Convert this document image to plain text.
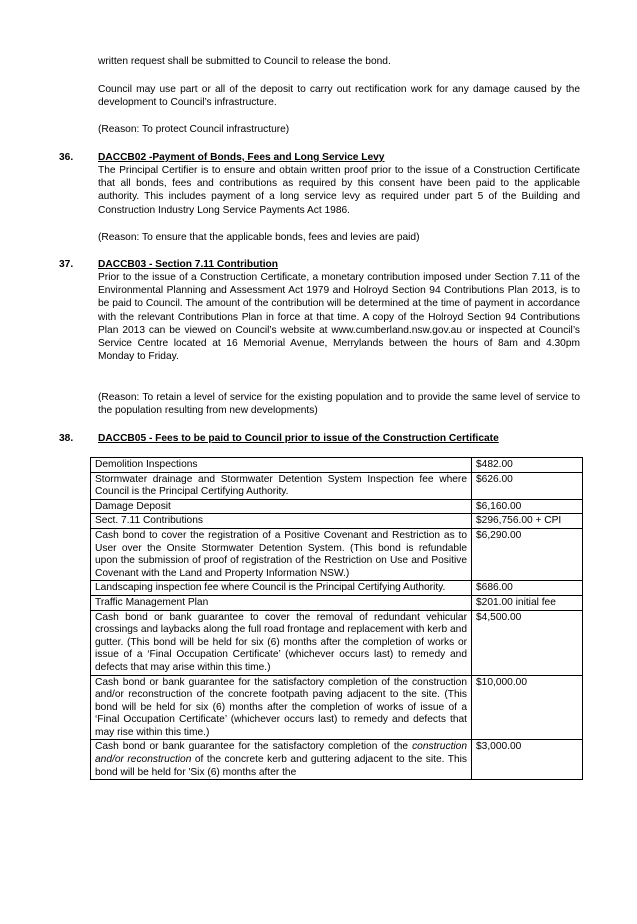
written request shall be submitted to Council to release the bond.

Council may use part or all of the deposit to carry out rectification work for any damage caused by the development to Council’s infrastructure.

(Reason: To protect Council infrastructure)

36. DACCB02 -Payment of Bonds, Fees and Long Service Levy

The Principal Certifier is to ensure and obtain written proof prior to the issue of a Construction Certificate that all bonds, fees and contributions as required by this consent have been paid to the applicable authority. This includes payment of a long service levy as required under part 5 of the Building and Construction Industry Long Service Payments Act 1986.

(Reason: To ensure that the applicable bonds, fees and levies are paid)

37. DACCB03 - Section 7.11 Contribution

Prior to the issue of a Construction Certificate, a monetary contribution imposed under Section 7.11 of the Environmental Planning and Assessment Act 1979 and Holroyd Section 94 Contributions Plan 2013, is to be paid to Council. The amount of the contribution will be determined at the time of payment in accordance with the relevant Contributions Plan in force at that time. A copy of the Holroyd Section 94 Contributions Plan 2013 can be viewed on Council’s website at www.cumberland.nsw.gov.au or inspected at Council’s Service Centre located at 16 Memorial Avenue, Merrylands between the hours of 8am and 4.30pm Monday to Friday.

(Reason: To retain a level of service for the existing population and to provide the same level of service to the population resulting from new developments)

38. DACCB05 - Fees to be paid to Council prior to issue of the Construction Certificate
Demolition Inspections	$482.00
Stormwater drainage and Stormwater Detention System Inspection fee where Council is the Principal Certifying Authority.	$626.00
Damage Deposit	$6,160.00
Sect. 7.11 Contributions	$296,756.00 + CPI
Cash bond to cover the registration of a Positive Covenant and Restriction as to User over the Onsite Stormwater Detention System. (This bond is refundable upon the submission of proof of registration of the Restriction on Use and Positive Covenant with the Land and Property Information NSW.)	$6,290.00
Landscaping inspection fee where Council is the Principal Certifying Authority.	$686.00
Traffic Management Plan	$201.00 initial fee
Cash bond or bank guarantee to cover the removal of redundant vehicular crossings and laybacks along the full road frontage and replacement with kerb and gutter. (This bond will be held for six (6) months after the completion of works or issue of a ‘Final Occupation Certificate’ (whichever occurs last) to remedy and defects that may arise within this time.)	$4,500.00
Cash bond or bank guarantee for the satisfactory completion of the construction and/or reconstruction of the concrete footpath paving adjacent to the site. (This bond will be held for six (6) months after the completion of works of issue of a ‘Final Occupation Certificate’ (whichever occurs last) to remedy and defects that may rise within this time.)	$10,000.00
Cash bond or bank guarantee for the satisfactory completion of the construction and/or reconstruction of the concrete kerb and guttering adjacent to the site. This bond will be held for 'Six (6) months after the	$3,000.00
